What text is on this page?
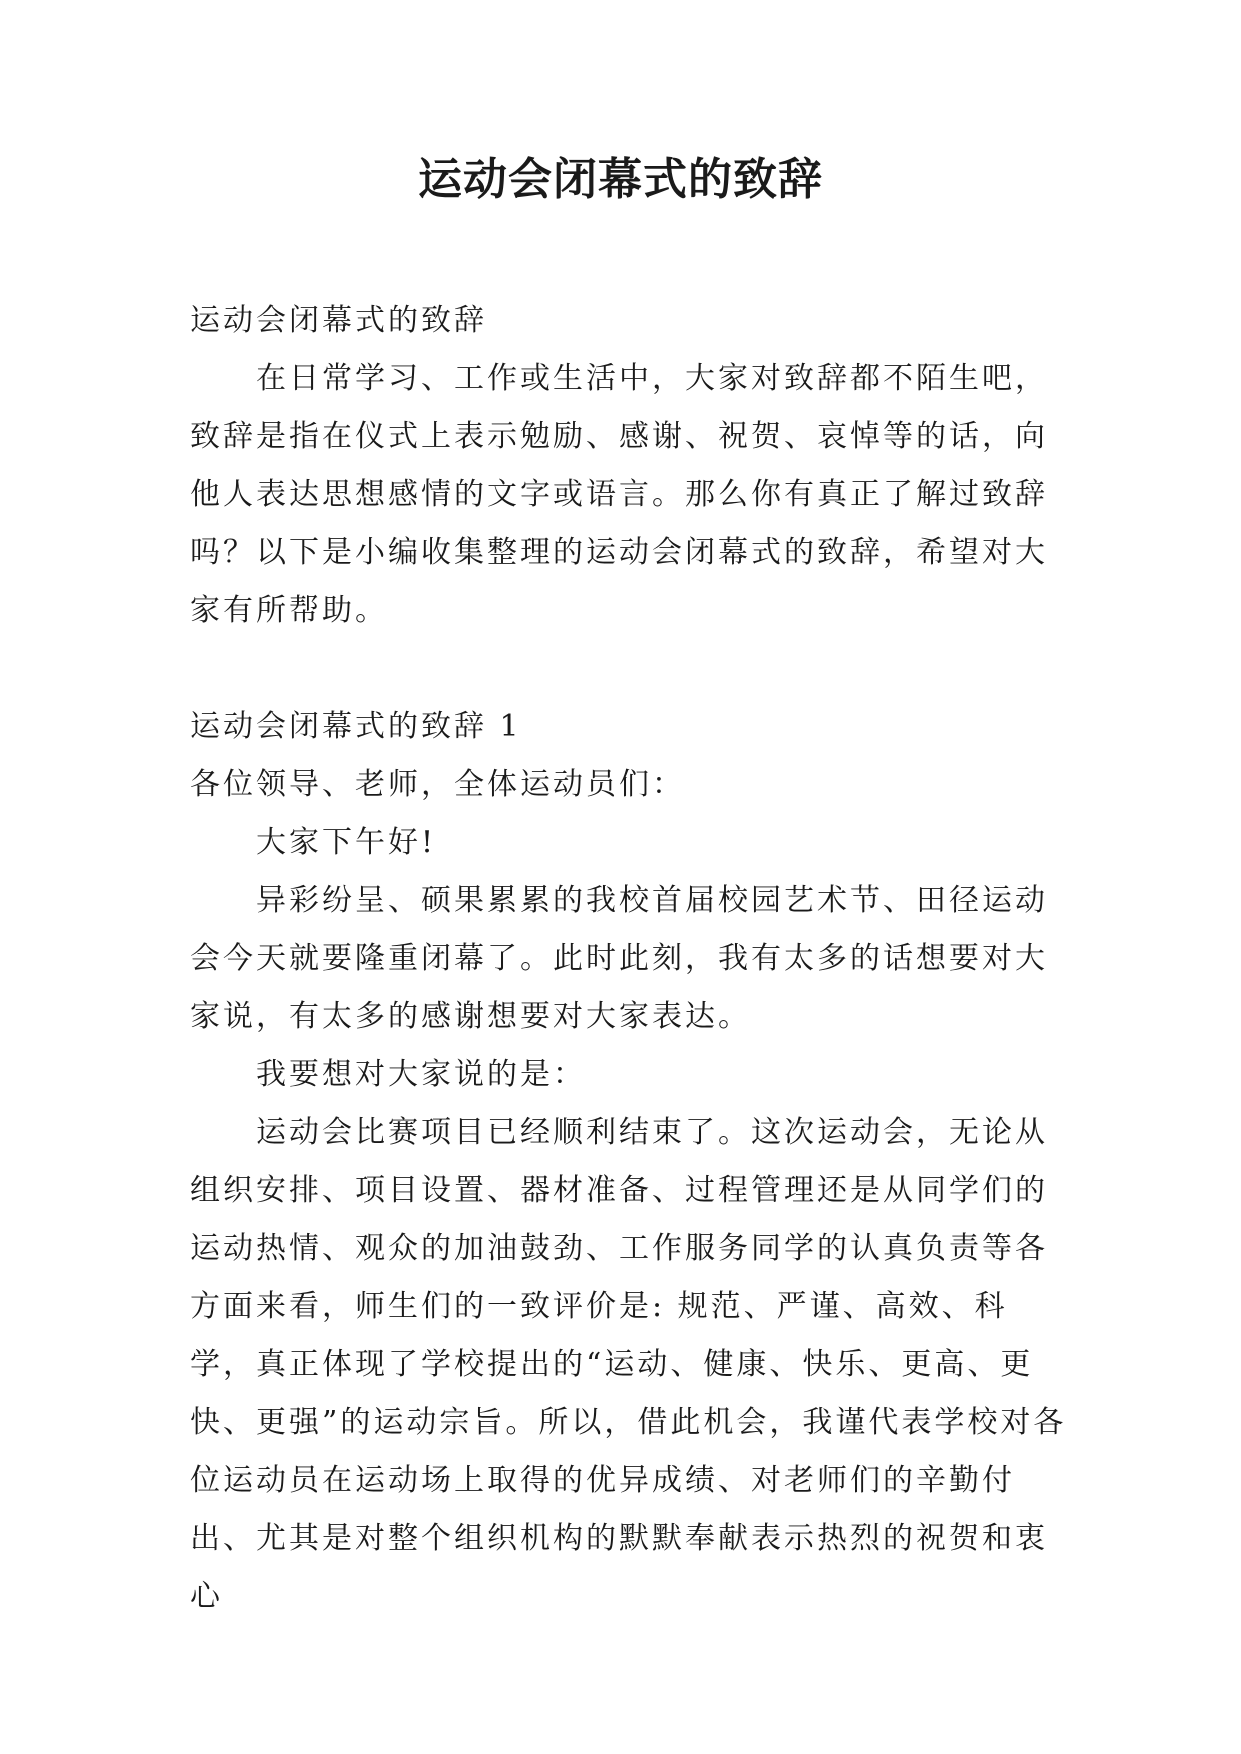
运动会闭幕式的致辞

运动会闭幕式的致辞

在日常学习、工作或生活中，大家对致辞都不陌生吧，致辞是指在仪式上表示勉励、感谢、祝贺、哀悼等的话，向他人表达思想感情的文字或语言。那么你有真正了解过致辞吗？以下是小编收集整理的运动会闭幕式的致辞，希望对大家有所帮助。

运动会闭幕式的致辞 1

各位领导、老师，全体运动员们：

大家下午好!

异彩纷呈、硕果累累的我校首届校园艺术节、田径运动会今天就要隆重闭幕了。此时此刻，我有太多的话想要对大家说，有太多的感谢想要对大家表达。

我要想对大家说的是：

运动会比赛项目已经顺利结束了。这次运动会，无论从组织安排、项目设置、器材准备、过程管理还是从同学们的运动热情、观众的加油鼓劲、工作服务同学的认真负责等各方面来看，师生们的一致评价是: 规范、严谨、高效、科学，真正体现了学校提出的“运动、健康、快乐、更高、更快、更强”的运动宗旨。所以，借此机会，我谨代表学校对各位运动员在运动场上取得的优异成绩、对老师们的辛勤付出、尤其是对整个组织机构的默默奉献表示热烈的祝贺和衷心
